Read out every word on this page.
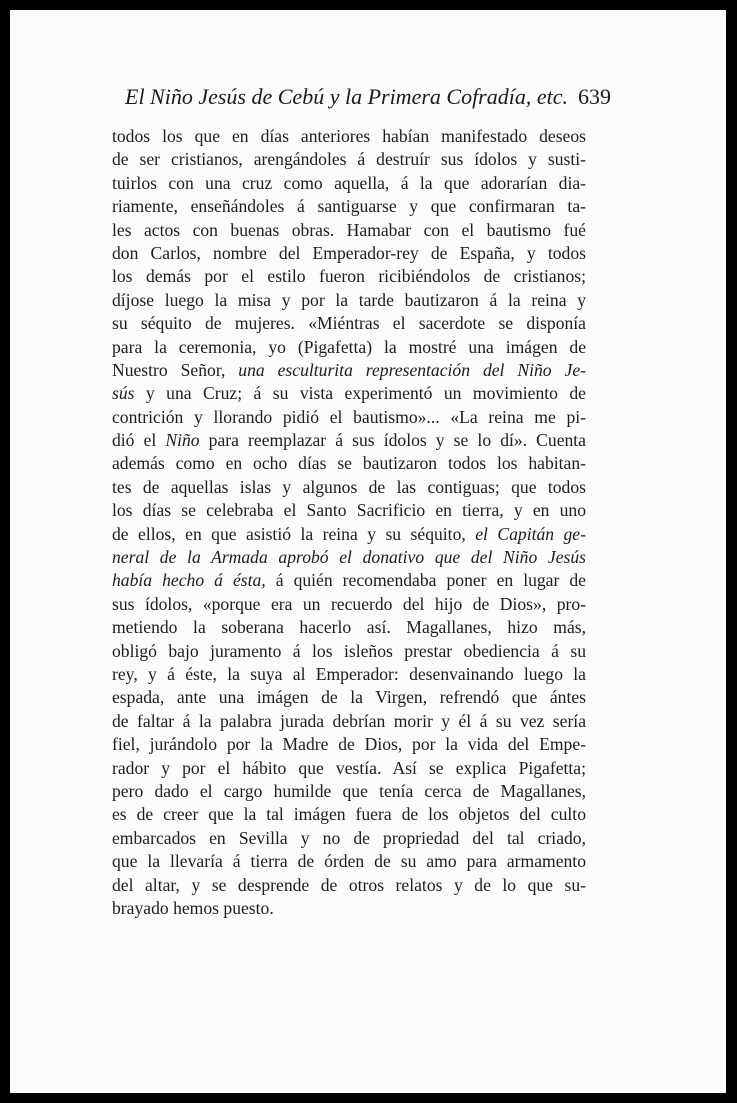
El Niño Jesús de Cebú y la Primera Cofradía, etc. 639
todos los que en días anteriores habían manifestado deseos
de ser cristianos, arengándoles á destruír sus ídolos y susti-
tuirlos con una cruz como aquella, á la que adorarían dia-
riamente, enseñándoles á santiguarse y que confirmaran ta-
les actos con buenas obras. Hamabar con el bautismo fué
don Carlos, nombre del Emperador-rey de España, y todos
los demás por el estilo fueron ricibiéndolos de cristianos;
díjose luego la misa y por la tarde bautizaron á la reina y
su séquito de mujeres. «Miéntras el sacerdote se disponía
para la ceremonia, yo (Pigafetta) la mostré una imágen de
Nuestro Señor, una esculturita representación del Niño Je-
sús y una Cruz; á su vista experimentó un movimiento de
contrición y llorando pidió el bautismo»... «La reina me pi-
dió el Niño para reemplazar á sus ídolos y se lo dí». Cuenta
además como en ocho días se bautizaron todos los habitan-
tes de aquellas islas y algunos de las contiguas; que todos
los días se celebraba el Santo Sacrificio en tierra, y en uno
de ellos, en que asistió la reina y su séquito, el Capitán ge-
neral de la Armada aprobó el donativo que del Niño Jesús
había hecho á ésta, á quién recomendaba poner en lugar de
sus ídolos, «porque era un recuerdo del hijo de Dios», pro-
metiendo la soberana hacerlo así. Magallanes, hizo más,
obligó bajo juramento á los isleños prestar obediencia á su
rey, y á éste, la suya al Emperador: desenvainando luego la
espada, ante una imágen de la Virgen, refrendó que ántes
de faltar á la palabra jurada debrían morir y él á su vez sería
fiel, jurándolo por la Madre de Dios, por la vida del Empe-
rador y por el hábito que vestía. Así se explica Pigafetta;
pero dado el cargo humilde que tenía cerca de Magallanes,
es de creer que la tal imágen fuera de los objetos del culto
embarcados en Sevilla y no de propriedad del tal criado,
que la llevaría á tierra de órden de su amo para armamento
del altar, y se desprende de otros relatos y de lo que su-
brayado hemos puesto.
